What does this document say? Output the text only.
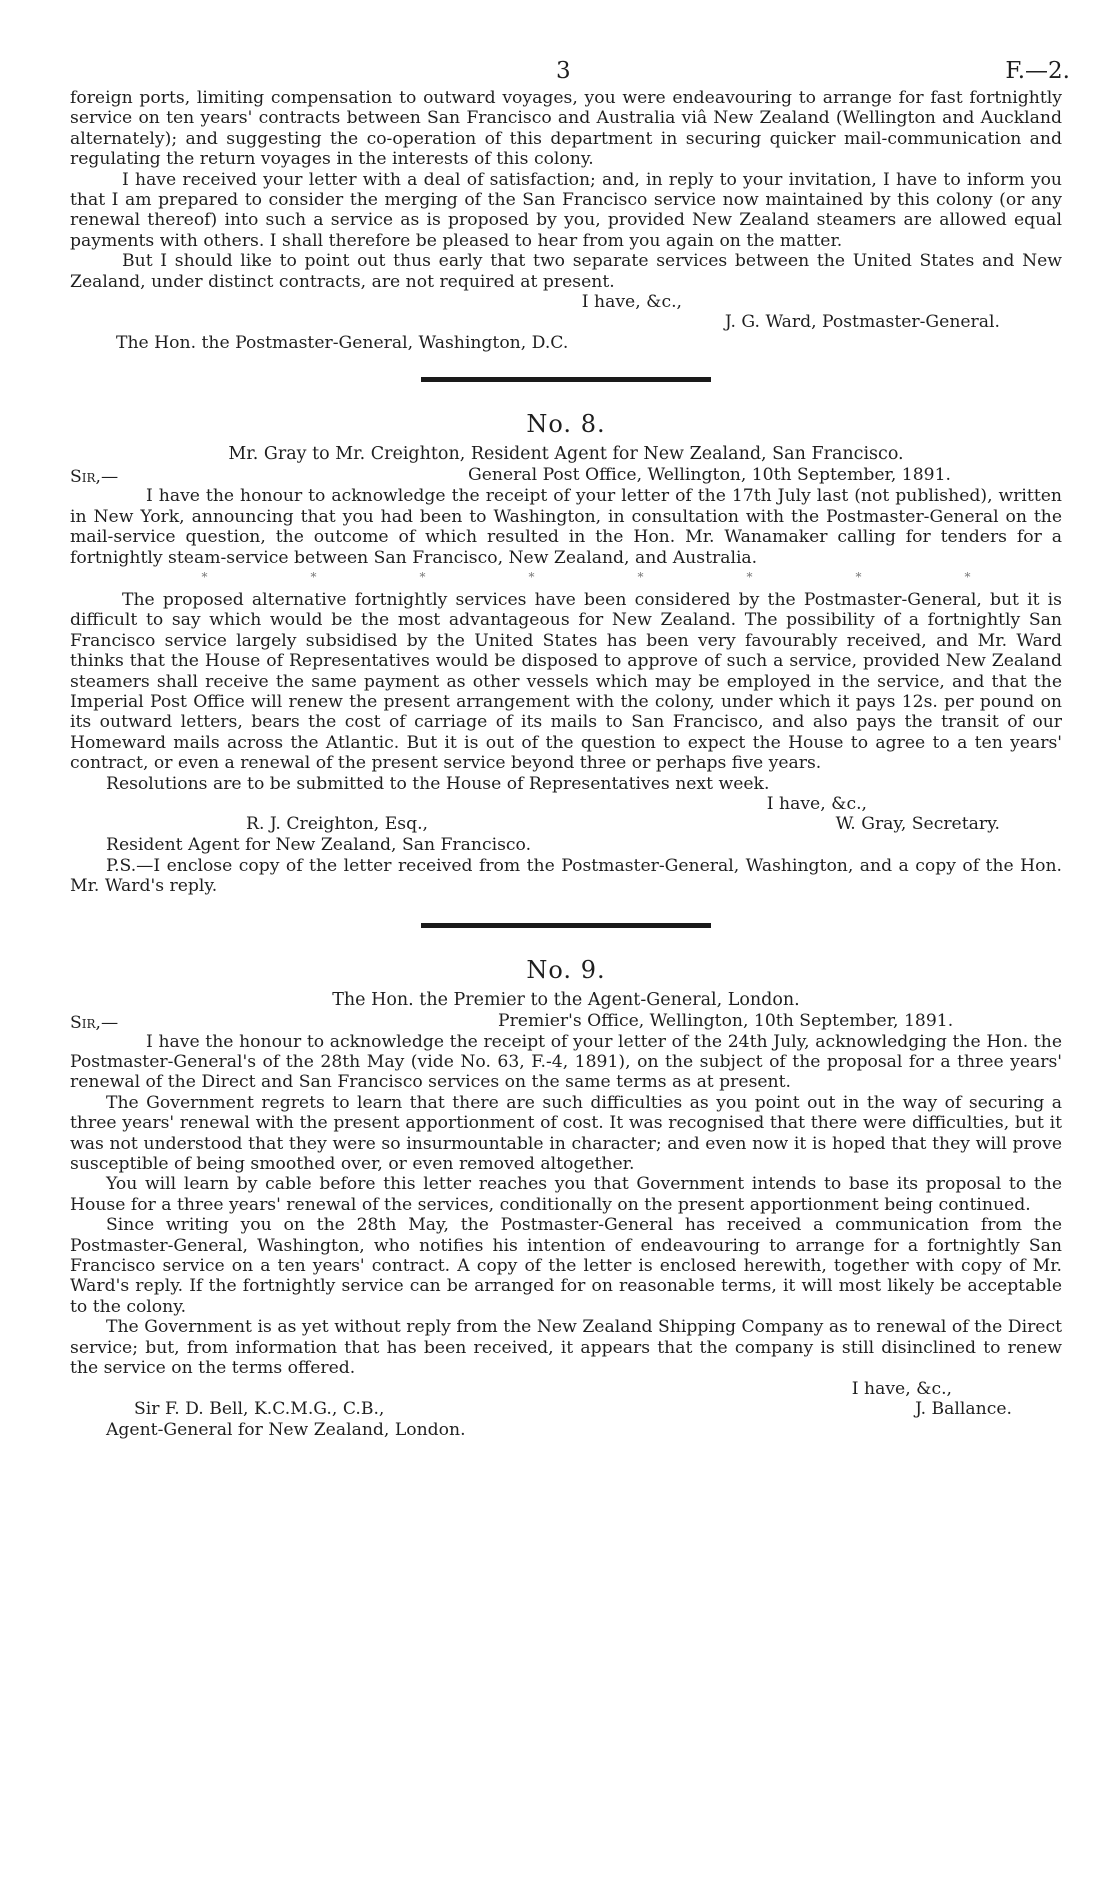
3	F.—2.

foreign ports, limiting compensation to outward voyages, you were endeavouring to arrange for fast fortnightly service on ten years' contracts between San Francisco and Australia viâ New Zealand (Wellington and Auckland alternately); and suggesting the co-operation of this department in securing quicker mail-communication and regulating the return voyages in the interests of this colony.

I have received your letter with a deal of satisfaction; and, in reply to your invitation, I have to inform you that I am prepared to consider the merging of the San Francisco service now maintained by this colony (or any renewal thereof) into such a service as is proposed by you, provided New Zealand steamers are allowed equal payments with others. I shall therefore be pleased to hear from you again on the matter.

But I should like to point out thus early that two separate services between the United States and New Zealand, under distinct contracts, are not required at present.

I have, &c.,

J. G. Ward, Postmaster-General.

The Hon. the Postmaster-General, Washington, D.C.

No. 8.
Mr. Gray to Mr. Creighton, Resident Agent for New Zealand, San Francisco.
Sir,—	General Post Office, Wellington, 10th September, 1891.

I have the honour to acknowledge the receipt of your letter of the 17th July last (not published), written in New York, announcing that you had been to Washington, in consultation with the Postmaster-General on the mail-service question, the outcome of which resulted in the Hon. Mr. Wanamaker calling for tenders for a fortnightly steam-service between San Francisco, New Zealand, and Australia.

*	*	*	*	*	*	*	*

The proposed alternative fortnightly services have been considered by the Postmaster-General, but it is difficult to say which would be the most advantageous for New Zealand. The possibility of a fortnightly San Francisco service largely subsidised by the United States has been very favourably received, and Mr. Ward thinks that the House of Representatives would be disposed to approve of such a service, provided New Zealand steamers shall receive the same payment as other vessels which may be employed in the service, and that the Imperial Post Office will renew the present arrangement with the colony, under which it pays 12s. per pound on its outward letters, bears the cost of carriage of its mails to San Francisco, and also pays the transit of our Homeward mails across the Atlantic. But it is out of the question to expect the House to agree to a ten years' contract, or even a renewal of the present service beyond three or perhaps five years.

Resolutions are to be submitted to the House of Representatives next week.

I have, &c.,

R. J. Creighton, Esq.,	W. Gray, Secretary.

Resident Agent for New Zealand, San Francisco.

P.S.—I enclose copy of the letter received from the Postmaster-General, Washington, and a copy of the Hon. Mr. Ward's reply.

No. 9.
The Hon. the Premier to the Agent-General, London.
Sir,—	Premier's Office, Wellington, 10th September, 1891.

I have the honour to acknowledge the receipt of your letter of the 24th July, acknowledging the Hon. the Postmaster-General's of the 28th May (vide No. 63, F.-4, 1891), on the subject of the proposal for a three years' renewal of the Direct and San Francisco services on the same terms as at present.

The Government regrets to learn that there are such difficulties as you point out in the way of securing a three years' renewal with the present apportionment of cost. It was recognised that there were difficulties, but it was not understood that they were so insurmountable in character; and even now it is hoped that they will prove susceptible of being smoothed over, or even removed altogether.

You will learn by cable before this letter reaches you that Government intends to base its proposal to the House for a three years' renewal of the services, conditionally on the present apportionment being continued.

Since writing you on the 28th May, the Postmaster-General has received a communication from the Postmaster-General, Washington, who notifies his intention of endeavouring to arrange for a fortnightly San Francisco service on a ten years' contract. A copy of the letter is enclosed herewith, together with copy of Mr. Ward's reply. If the fortnightly service can be arranged for on reasonable terms, it will most likely be acceptable to the colony.

The Government is as yet without reply from the New Zealand Shipping Company as to renewal of the Direct service; but, from information that has been received, it appears that the company is still disinclined to renew the service on the terms offered.

I have, &c.,

Sir F. D. Bell, K.C.M.G., C.B.,	J. Ballance.

Agent-General for New Zealand, London.
